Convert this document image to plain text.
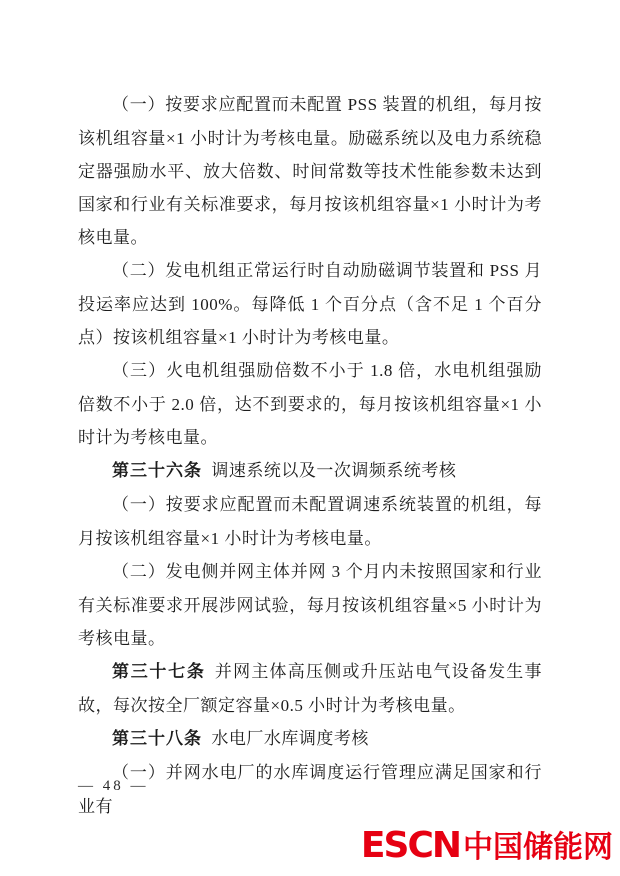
（一）按要求应配置而未配置 PSS 装置的机组，每月按该机组容量×1 小时计为考核电量。励磁系统以及电力系统稳定器强励水平、放大倍数、时间常数等技术性能参数未达到国家和行业有关标准要求，每月按该机组容量×1 小时计为考核电量。

（二）发电机组正常运行时自动励磁调节装置和 PSS 月投运率应达到 100%。每降低 1 个百分点（含不足 1 个百分点）按该机组容量×1 小时计为考核电量。

（三）火电机组强励倍数不小于 1.8 倍，水电机组强励倍数不小于 2.0 倍，达不到要求的，每月按该机组容量×1 小时计为考核电量。

第三十六条 调速系统以及一次调频系统考核

（一）按要求应配置而未配置调速系统装置的机组，每月按该机组容量×1 小时计为考核电量。

（二）发电侧并网主体并网 3 个月内未按照国家和行业有关标准要求开展涉网试验，每月按该机组容量×5 小时计为考核电量。

第三十七条 并网主体高压侧或升压站电气设备发生事故，每次按全厂额定容量×0.5 小时计为考核电量。

第三十八条 水电厂水库调度考核

（一）并网水电厂的水库调度运行管理应满足国家和行业有

— 48 —
ESCN 中国储能网
